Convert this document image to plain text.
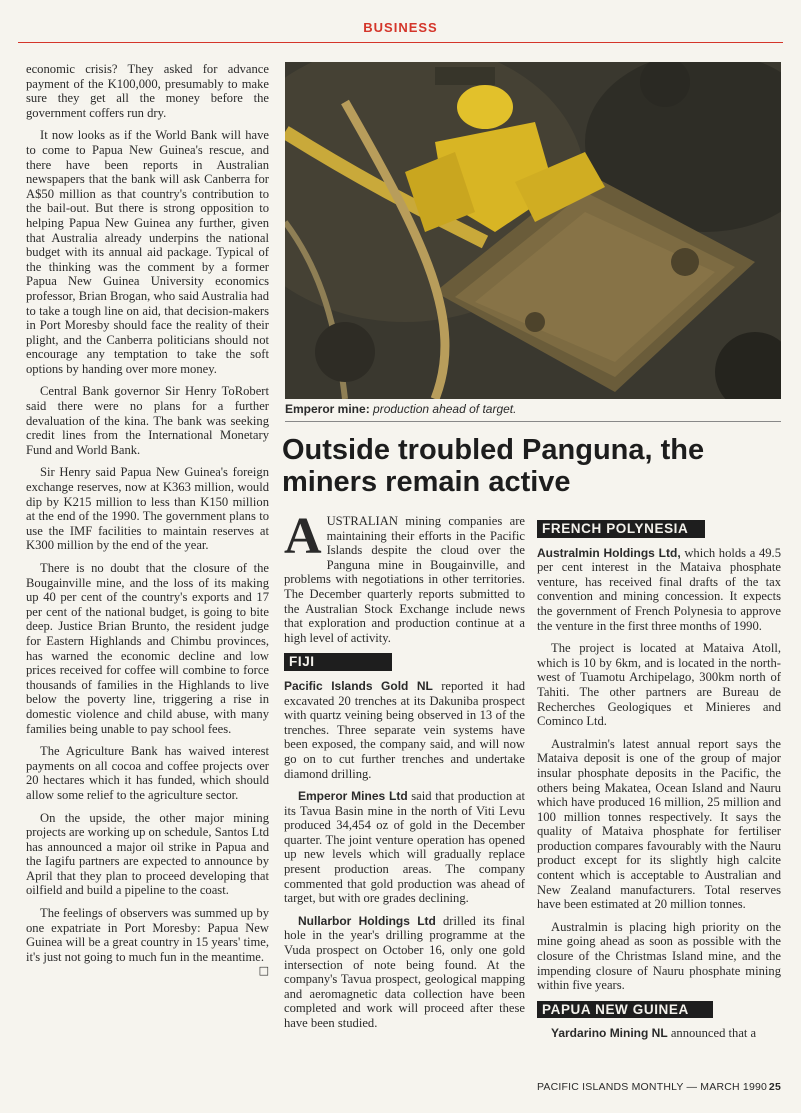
BUSINESS

economic crisis? They asked for advance payment of the K100,000, presumably to make sure they get all the money before the government coffers run dry.

It now looks as if the World Bank will have to come to Papua New Guinea's rescue, and there have been reports in Australian newspapers that the bank will ask Canberra for A$50 million as that country's contribution to the bail-out. But there is strong opposition to helping Papua New Guinea any further, given that Australia already underpins the national budget with its annual aid package. Typical of the thinking was the comment by a former Papua New Guinea University economics professor, Brian Brogan, who said Australia had to take a tough line on aid, that decision-makers in Port Moresby should face the reality of their plight, and the Canberra politicians should not encourage any temptation to take the soft options by handing over more money.

Central Bank governor Sir Henry ToRobert said there were no plans for a further devaluation of the kina. The bank was seeking credit lines from the International Monetary Fund and World Bank.

Sir Henry said Papua New Guinea's foreign exchange reserves, now at K363 million, would dip by K215 million to less than K150 million at the end of the 1990. The government plans to use the IMF facilities to maintain reserves at K300 million by the end of the year.

There is no doubt that the closure of the Bougainville mine, and the loss of its making up 40 per cent of the country's exports and 17 per cent of the national budget, is going to bite deep. Justice Brian Brunto, the resident judge for Eastern Highlands and Chimbu provinces, has warned the economic decline and low prices received for coffee will combine to force thousands of families in the Highlands to live below the poverty line, triggering a rise in domestic violence and child abuse, with many families being unable to pay school fees.

The Agriculture Bank has waived interest payments on all cocoa and coffee projects over 20 hectares which it has funded, which should allow some relief to the agriculture sector.

On the upside, the other major mining projects are working up on schedule, Santos Ltd has announced a major oil strike in Papua and the Iagifu partners are expected to announce by April that they plan to proceed developing that oilfield and build a pipeline to the coast.

The feelings of observers was summed up by one expatriate in Port Moresby: Papua New Guinea will be a great country in 15 years' time, it's just not going to much fun in the meantime.
□

Emperor mine: production ahead of target.
Outside troubled Panguna, the miners remain active

AUSTRALIAN mining companies are maintaining their efforts in the Pacific Islands despite the cloud over the Panguna mine in Bougainville, and problems with negotiations in other territories. The December quarterly reports submitted to the Australian Stock Exchange include news that exploration and production continue at a high level of activity.

FIJI

Pacific Islands Gold NL reported it had excavated 20 trenches at its Dakuniba prospect with quartz veining being observed in 13 of the trenches. Three separate vein systems have been exposed, the company said, and will now go on to cut further trenches and undertake diamond drilling.

Emperor Mines Ltd said that production at its Tavua Basin mine in the north of Viti Levu produced 34,454 oz of gold in the December quarter. The joint venture operation has opened up new levels which will gradually replace present production areas. The company commented that gold production was ahead of target, but with ore grades declining.

Nullarbor Holdings Ltd drilled its final hole in the year's drilling programme at the Vuda prospect on October 16, only one gold intersection of note being found. At the company's Tavua prospect, geological mapping and aeromagnetic data collection have been completed and work will proceed after these have been studied.

FRENCH POLYNESIA

Australmin Holdings Ltd, which holds a 49.5 per cent interest in the Mataiva phosphate venture, has received final drafts of the tax convention and mining concession. It expects the government of French Polynesia to approve the venture in the first three months of 1990.

The project is located at Mataiva Atoll, which is 10 by 6km, and is located in the north-west of Tuamotu Archipelago, 300km north of Tahiti. The other partners are Bureau de Recherches Geologiques et Minieres and Cominco Ltd.

Australmin's latest annual report says the Mataiva deposit is one of the group of major insular phosphate deposits in the Pacific, the others being Makatea, Ocean Island and Nauru which have produced 16 million, 25 million and 100 million tonnes respectively. It says the quality of Mataiva phosphate for fertiliser production compares favourably with the Nauru product except for its slightly high calcite content which is acceptable to Australian and New Zealand manufacturers. Total reserves have been estimated at 20 million tonnes.

Australmin is placing high priority on the mine going ahead as soon as possible with the closure of the Christmas Island mine, and the impending closure of Nauru phosphate mining within five years.

PAPUA NEW GUINEA

Yardarino Mining NL announced that a

PACIFIC ISLANDS MONTHLY — MARCH 1990 25
